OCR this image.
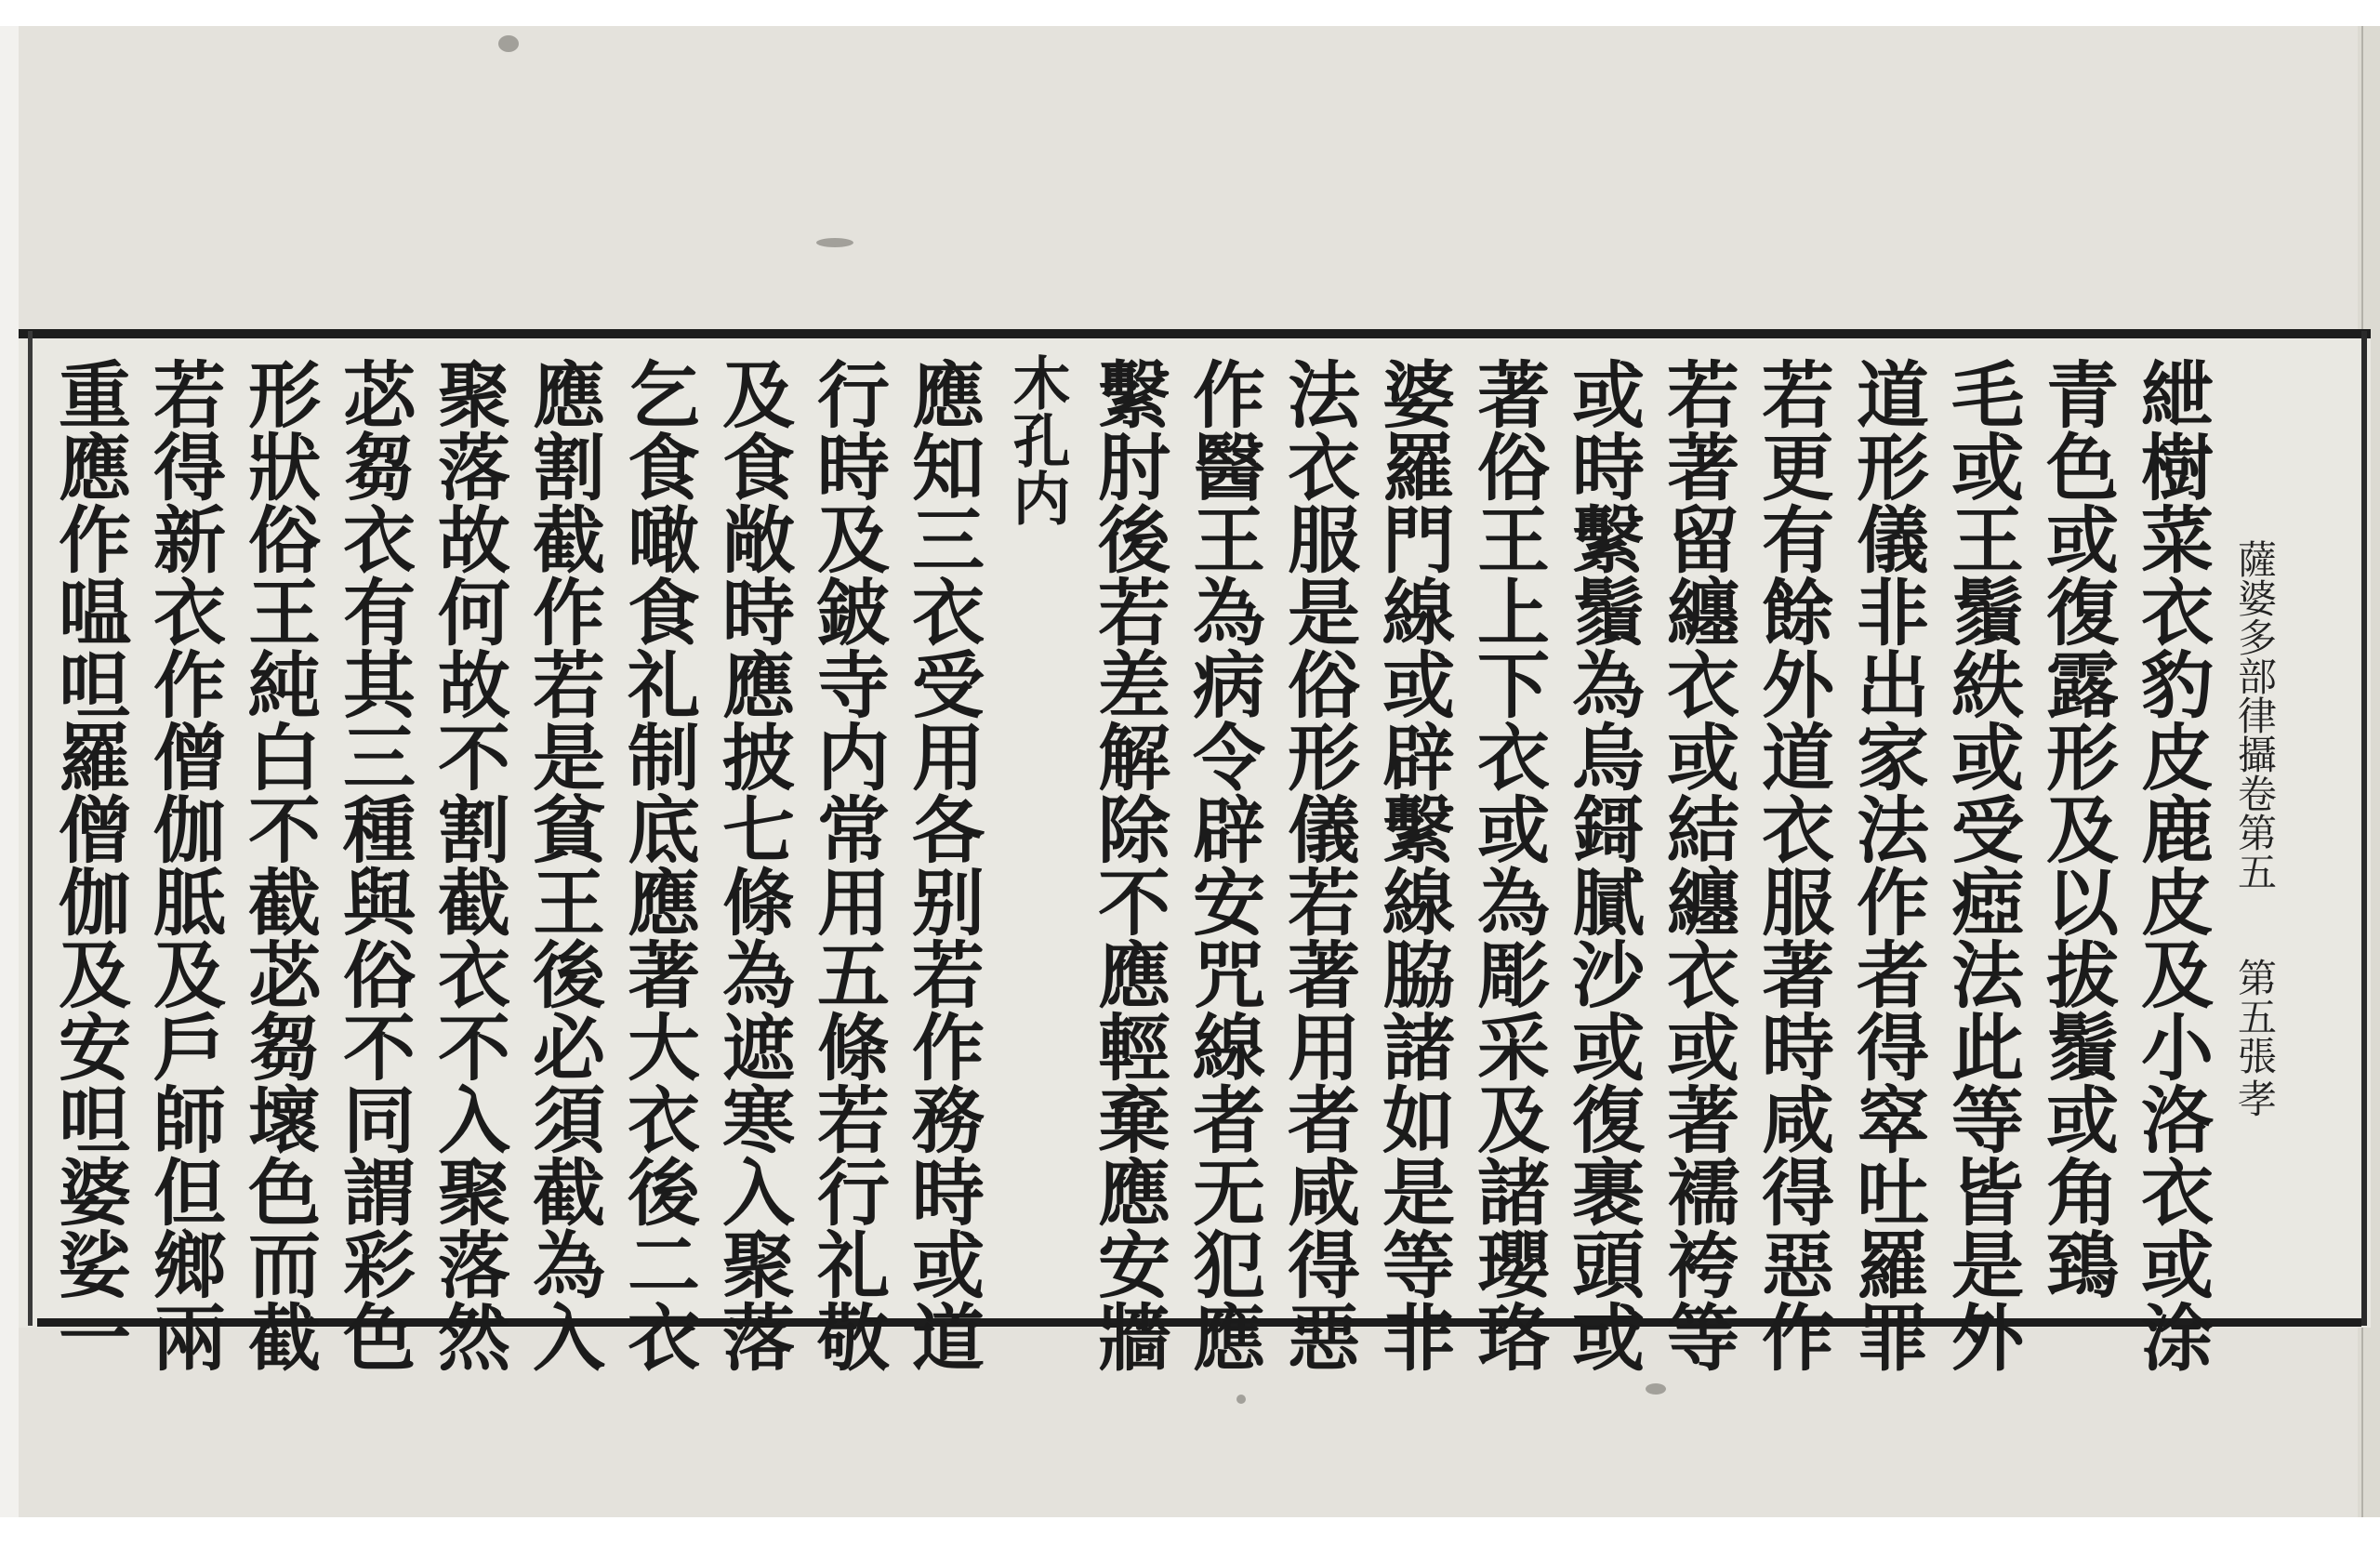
薩婆多部律攝卷第五
第五張
孝
紲樹菜衣豹皮鹿皮及小洛衣或涂
青色或復露形及以拔鬚或角鵄
毛或王鬚紩或受瘂法此等皆是外
道形儀非出家法作者得窣吐羅罪
若更有餘外道衣服著時咸得惡作
若著留纏衣或結纏衣或著襦袴等
或時繫鬚為烏鎶膩沙或復裹頭或
著俗王上下衣或為彫采及諸瓔珞
婆羅門線或辟繫線脇諸如是等非
法衣服是俗形儀若著用者咸得惡
作醫王為病令辟安咒線者无犯應
繫肘後若差解除不應輕棄應安牆
木孔内
應知三衣受用各别若作務時或道
行時及鈹寺内常用五條若行礼敬
及食敞時應披七條為遮寒入聚落
乞食噉食礼制底應著大衣後二衣
應割截作若是貧王後必須截為入
聚落故何故不割截衣不入聚落然
苾芻衣有其三種與俗不同謂彩色
形狀俗王純白不截苾芻壞色而截
若得新衣作僧伽胝及戶師但鄉兩
重應作嗢呾羅僧伽及安呾婆娑一
